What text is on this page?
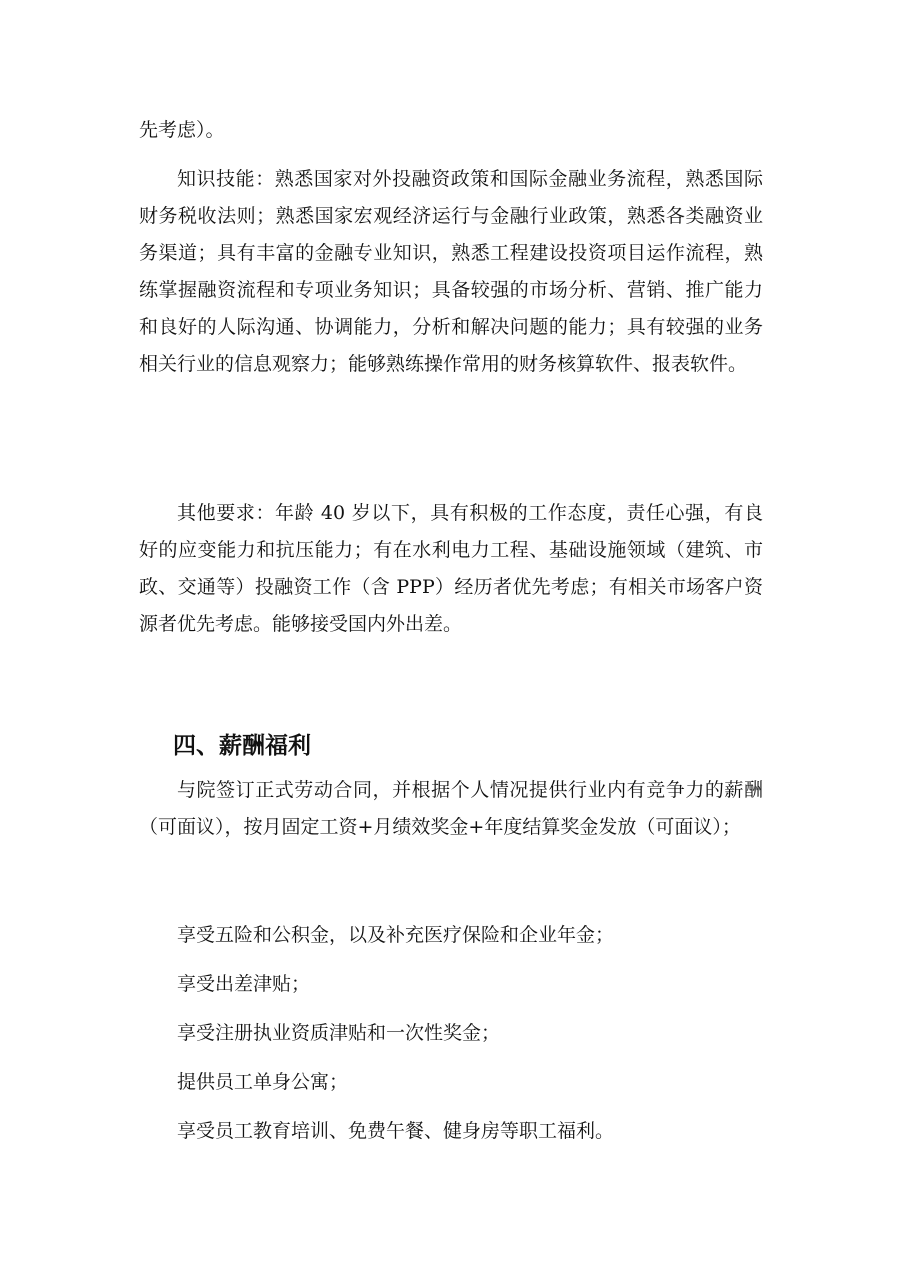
先考虑）。

知识技能：熟悉国家对外投融资政策和国际金融业务流程，熟悉国际财务税收法则；熟悉国家宏观经济运行与金融行业政策，熟悉各类融资业务渠道；具有丰富的金融专业知识，熟悉工程建设投资项目运作流程，熟练掌握融资流程和专项业务知识；具备较强的市场分析、营销、推广能力和良好的人际沟通、协调能力，分析和解决问题的能力；具有较强的业务相关行业的信息观察力；能够熟练操作常用的财务核算软件、报表软件。

其他要求：年龄 40 岁以下，具有积极的工作态度，责任心强，有良好的应变能力和抗压能力；有在水利电力工程、基础设施领域（建筑、市政、交通等）投融资工作（含 PPP）经历者优先考虑；有相关市场客户资源者优先考虑。能够接受国内外出差。

四、薪酬福利

与院签订正式劳动合同，并根据个人情况提供行业内有竞争力的薪酬（可面议），按月固定工资+月绩效奖金+年度结算奖金发放（可面议）；

享受五险和公积金，以及补充医疗保险和企业年金；

享受出差津贴；

享受注册执业资质津贴和一次性奖金；

提供员工单身公寓；

享受员工教育培训、免费午餐、健身房等职工福利。
